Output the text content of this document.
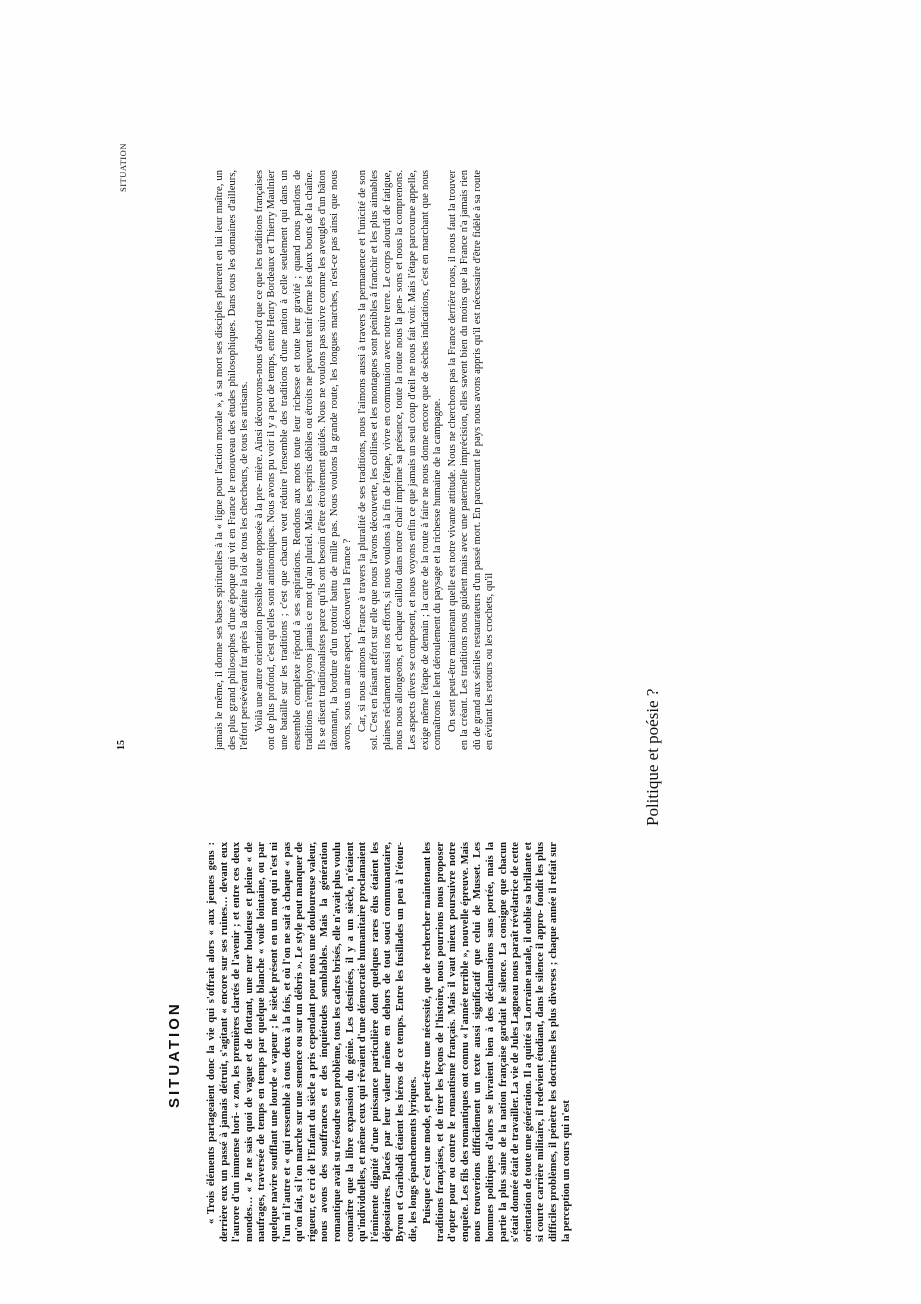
SITUATION
15
SITUATION « Trois éléments partageaient donc la vie qui s'offrait alors « aux jeunes gens : derrière eux un passé à jamais détruit, s'agitant « encore sur ses ruines… devant eux l'aurore d'un immense hori- « zon, les premières clartés de l'avenir ; et entre ces deux mondes… « Je ne sais quoi de vague et de flottant, une mer houleuse et pleine « de naufrages, traversée de temps en temps par quelque blanche « voile lointaine, ou par quelque navire soufflant une lourde « vapeur ; le siècle présent en un mot qui n'est ni l'un ni l'autre et « qui ressemble à tous deux à la fois, et où l'on ne sait à chaque « pas qu'on fait, si l'on marche sur une semence ou sur un débris ». Le style peut manquer de rigueur, ce cri de l'Enfant du siècle a pris cependant pour nous une douloureuse valeur, nous avons des souffrances et des inquiétudes semblables. Mais la génération romantique avait su résoudre son problème, tous les cadres brisés, elle n'avait plus voulu connaître que la libre expansion du génie. Les destinées, il y a un siècle, n'étaient qu'individuelles, et même ceux qui rêvaient d'une démocratie humanitaire proclamaient l'éminente dignité d'une puissance particulière dont quelques rares élus étaient les dépositaires. Placés par leur valeur même en dehors de tout souci communautaire, Byron et Garibaldi étaient les héros de ce temps. Entre les fusillades un peu à l'étour- die, les longs épanchements lyriques. Puisque c'est une mode, et peut-être une nécessité, que de rechercher maintenant les traditions françaises, et de tirer les leçons de l'histoire, nous pourrions nous proposer d'opter pour ou contre le romantisme français. Mais il vaut mieux poursuivre notre enquête. Les fils des romantiques ont connu « l'année terrible », nouvelle épreuve. Mais nous trouverions difficilement un texte aussi significatif que celui de Musset. Les hommes politiques d'alors se livraient bien à des déclamations sans portée, mais la partie la plus saine de la nation française gardait le silence. La consigne que chacun s'était donnée était de travailler. La vie de Jules Lagneau nous paraît révélatrice de cette orientation de toute une génération. Il a quitté sa Lorraine natale, il oublie sa brillante et si courte carrière militaire, il redevient étudiant, dans le silence il appro- fondit les plus difficiles problèmes, il pénètre les doctrines les plus diverses ; chaque année il refait sur la perception un cours qui n'est

jamais le même, il donne ses bases spirituelles à la « ligne pour l'action morale », à sa mort ses disciples pleurent en lui leur maître, un des plus grand philosophes d'une époque qui vit en France le renouveau des études philosophiques. Dans tous les domaines d'ailleurs, l'effort persévérant fut après la défaite la loi de tous les chercheurs, de tous les artisans. Voilà une autre orientation possible toute opposée à la pre- mière. Ainsi découvrons-nous d'abord que ce que les traditions françaises ont de plus profond, c'est qu'elles sont antinomiques. Nous avons pu voir il y a peu de temps, entre Henry Bordeaux et Thierry Maulnier une bataille sur les traditions ; c'est que chacun veut réduire l'ensemble des traditions d'une nation à celle seulement qui dans un ensemble complexe répond à ses aspirations. Rendons aux mots toute leur richesse et toute leur gravité ; quand nous parlons de traditions n'employons jamais ce mot qu'au pluriel. Mais les esprits débiles ou étroits ne peuvent tenir ferme les deux bouts de la chaîne. Ils se disent traditionalistes parce qu'ils ont besoin d'être étroitement guidés. Nous ne voulons pas suivre comme les aveugles d'un bâton tâtonnant, la bordure d'un trottoir battu de mille pas. Nous voulons la grande route, les longues marches, n'est-ce pas ainsi que nous avons, sous un autre aspect, découvert la France ? Car, si nous aimons la France à travers la pluralité de ses traditions, nous l'aimons aussi à travers la permanence et l'unicité de son sol. C'est en faisant effort sur elle que nous l'avons découverte, les collines et les montagnes sont pénibles à franchir et les plus aimables plaines réclament aussi nos efforts, si nous voulons à la fin de l'étape, vivre en communion avec notre terre. Le corps alourdi de fatigue, nous nous allongeons, et chaque caillou dans notre chair imprime sa présence, toute la route nous la pen- sons et nous la comprenons. Les aspects divers se composent, et nous voyons enfin ce que jamais un seul coup d'œil ne nous fait voir. Mais l'étape parcourue appelle, exige même l'étape de demain ; la carte de la route à faire ne nous donne encore que de sèches indications, c'est en marchant que nous connaîtrons le lent déroulement du paysage et la richesse humaine de la campagne. On sent peut-être maintenant quelle est notre vivante attitude. Nous ne cherchons pas la France derrière nous, il nous faut la trouver en la créant. Les traditions nous guident mais avec une paternelle imprécision, elles savent bien du moins que la France n'a jamais rien dû de grand aux séniles restaurateurs d'un passé mort. En parcourant le pays nous avons appris qu'il est nécessaire d'être fidèle à sa route en évitant les retours ou les crochets, qu'il

Politique et poésie ?
